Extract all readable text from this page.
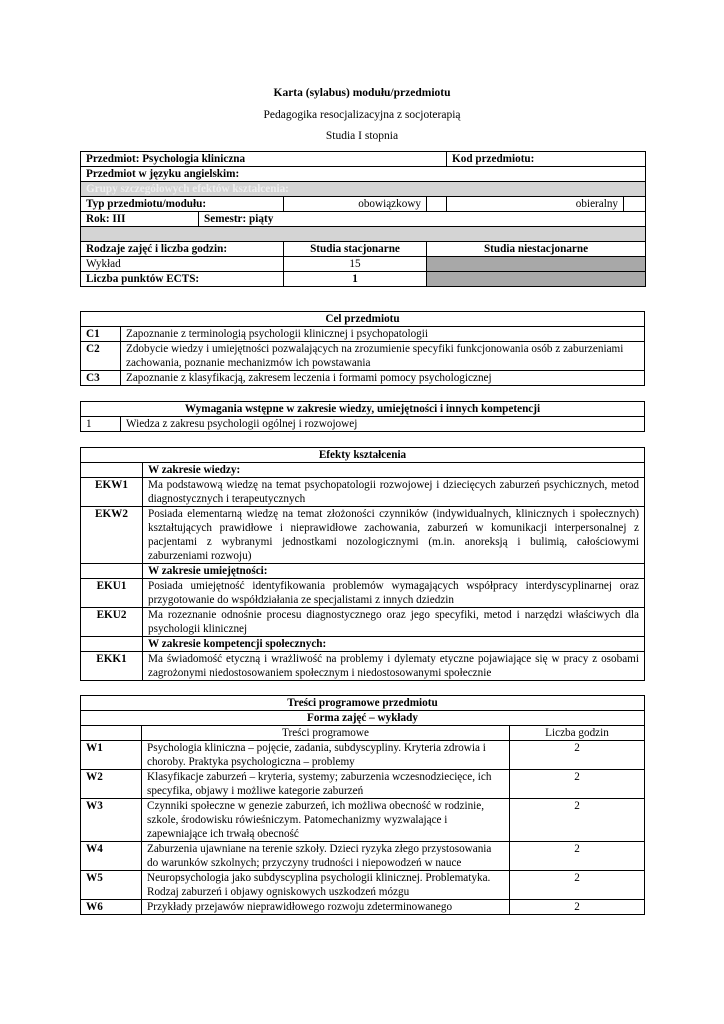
Karta (sylabus) modułu/przedmiotu
Pedagogika resocjalizacyjna z socjoterapią
Studia I stopnia
Przedmiot: Psychologia kliniczna				Kod przedmiotu:	
Przedmiot w języku angielskim:					
Grupy szczegółowych efektów kształcenia:					
Typ przedmiotu/modułu:		obowiązkowy		obieralny	
Rok: III	Semestr: piąty				

Rodzaje zajęć i liczba godzin:		Studia stacjonarne	Studia niestacjonarne		
Wykład		15			
Liczba punktów ECTS:		1			
Cel przedmiotu	
C1	Zapoznanie z terminologią psychologii klinicznej i psychopatologii
C2	Zdobycie wiedzy i umiejętności pozwalających na zrozumienie specyfiki funkcjonowania osób z zaburzeniami zachowania, poznanie mechanizmów ich powstawania
C3	Zapoznanie z klasyfikacją, zakresem leczenia i formami pomocy psychologicznej
Wymagania wstępne w zakresie wiedzy, umiejętności i innych kompetencji
1	Wiedza z zakresu psychologii ogólnej i rozwojowej
Efekty kształcenia	
	W zakresie wiedzy:
EKW1	Ma podstawową wiedzę na temat psychopatologii rozwojowej i dziecięcych zaburzeń psychicznych, metod diagnostycznych i terapeutycznych
EKW2	Posiada elementarną wiedzę na temat złożoności czynników (indywidualnych, klinicznych i społecznych) kształtujących prawidłowe i nieprawidłowe zachowania, zaburzeń w komunikacji interpersonalnej z pacjentami z wybranymi jednostkami nozologicznymi (m.in. anoreksją i bulimią, całościowymi zaburzeniami rozwoju)
	W zakresie umiejętności:
EKU1	Posiada umiejętność identyfikowania problemów wymagających współpracy interdyscyplinarnej oraz przygotowanie do współdziałania ze specjalistami z innych dziedzin
EKU2	Ma rozeznanie odnośnie procesu diagnostycznego oraz jego specyfiki, metod i narzędzi właściwych dla psychologii klinicznej
	W zakresie kompetencji społecznych:
EKK1	Ma świadomość etyczną i wrażliwość na problemy i dylematy etyczne pojawiające się w pracy z osobami zagrożonymi niedostosowaniem społecznym i niedostosowanymi społecznie
Treści programowe przedmiotu		
Forma zajęć – wykłady		
	Treści programowe	Liczba godzin
W1	Psychologia kliniczna – pojęcie, zadania, subdyscypliny. Kryteria zdrowia i choroby. Praktyka psychologiczna – problemy	2
W2	Klasyfikacje zaburzeń – kryteria, systemy; zaburzenia wczesnodziecięce, ich specyfika, objawy i możliwe kategorie zaburzeń	2
W3	Czynniki społeczne w genezie zaburzeń, ich możliwa obecność w rodzinie, szkole, środowisku rówieśniczym. Patomechanizmy wyzwalające i zapewniające ich trwałą obecność	2
W4	Zaburzenia ujawniane na terenie szkoły. Dzieci ryzyka złego przystosowania do warunków szkolnych; przyczyny trudności i niepowodzeń w nauce	2
W5	Neuropsychologia jako subdyscyplina psychologii klinicznej. Problematyka. Rodzaj zaburzeń i objawy ogniskowych uszkodzeń mózgu	2
W6	Przykłady przejawów nieprawidłowego rozwoju zdeterminowanego	2
